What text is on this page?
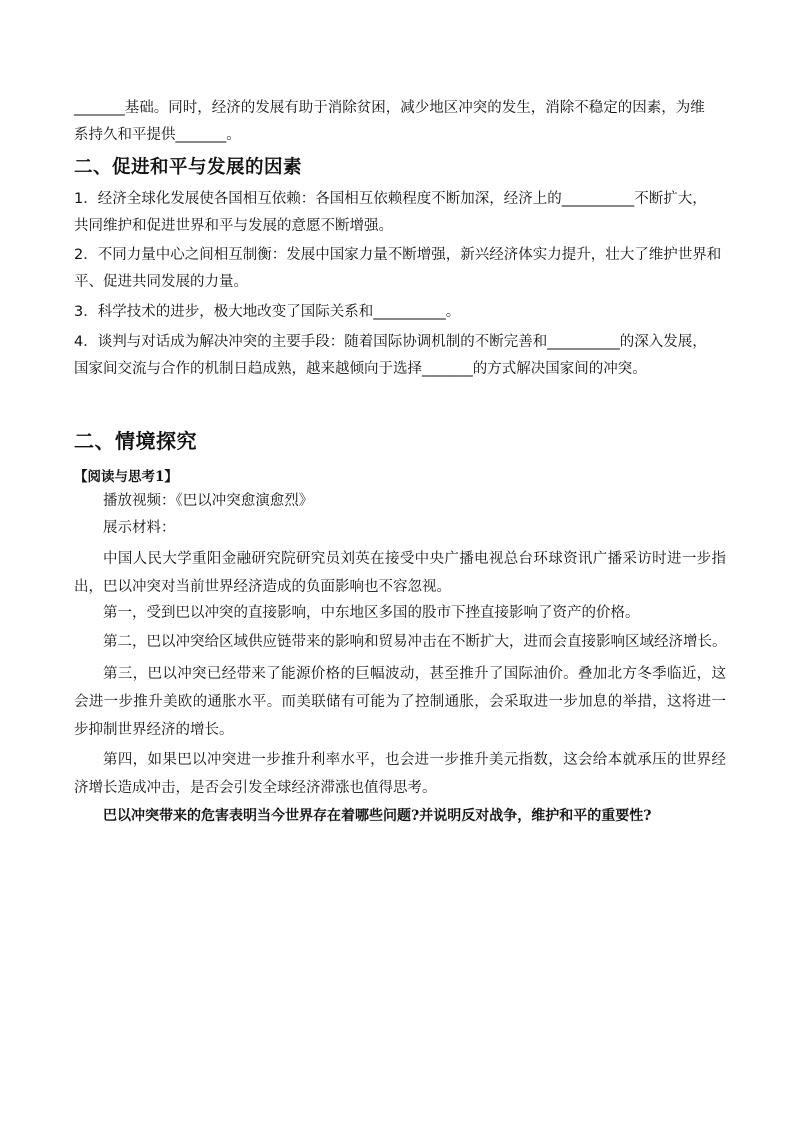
_______基础。同时，经济的发展有助于消除贫困，减少地区冲突的发生，消除不稳定的因素，为维

系持久和平提供_______。

二、促进和平与发展的因素

1．经济全球化发展使各国相互依赖：各国相互依赖程度不断加深，经济上的__________不断扩大，

共同维护和促进世界和平与发展的意愿不断增强。

2．不同力量中心之间相互制衡：发展中国家力量不断增强，新兴经济体实力提升，壮大了维护世界和

平、促进共同发展的力量。

3．科学技术的进步，极大地改变了国际关系和__________。

4．谈判与对话成为解决冲突的主要手段：随着国际协调机制的不断完善和__________的深入发展，

国家间交流与合作的机制日趋成熟，越来越倾向于选择_______的方式解决国家间的冲突。

二、情境探究

【阅读与思考1】

播放视频：《巴以冲突愈演愈烈》

展示材料：

中国人民大学重阳金融研究院研究员刘英在接受中央广播电视总台环球资讯广播采访时进一步指出，巴以冲突对当前世界经济造成的负面影响也不容忽视。

第一，受到巴以冲突的直接影响，中东地区多国的股市下挫直接影响了资产的价格。

第二，巴以冲突给区域供应链带来的影响和贸易冲击在不断扩大，进而会直接影响区域经济增长。

第三，巴以冲突已经带来了能源价格的巨幅波动，甚至推升了国际油价。叠加北方冬季临近，这会进一步推升美欧的通胀水平。而美联储有可能为了控制通胀，会采取进一步加息的举措，这将进一步抑制世界经济的增长。

第四，如果巴以冲突进一步推升利率水平，也会进一步推升美元指数，这会给本就承压的世界经济增长造成冲击，是否会引发全球经济滞涨也值得思考。

巴以冲突带来的危害表明当今世界存在着哪些问题?并说明反对战争，维护和平的重要性?
